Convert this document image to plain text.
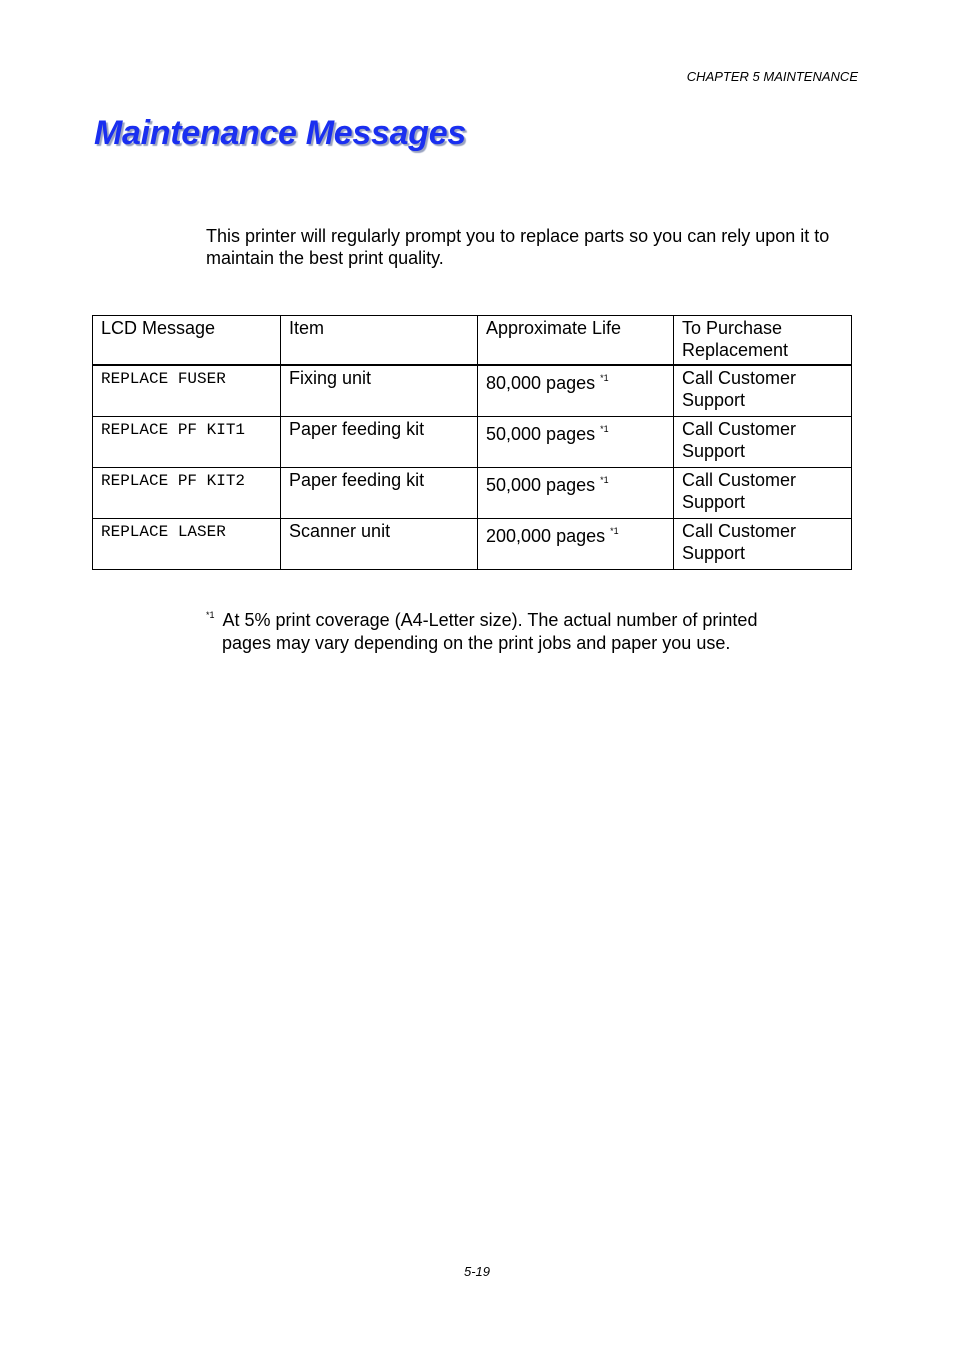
CHAPTER 5 MAINTENANCE
Maintenance Messages

This printer will regularly prompt you to replace parts so you can rely upon it to maintain the best print quality.

LCD Message	Item	Approximate Life	To Purchase Replacement
REPLACE FUSER	Fixing unit	80,000 pages $^{*1}$	Call Customer Support
REPLACE PF KIT1	Paper feeding kit	50,000 pages $^{*1}$	Call Customer Support
REPLACE PF KIT2	Paper feeding kit	50,000 pages $^{*1}$	Call Customer Support
REPLACE LASER	Scanner unit	200,000 pages $^{*1}$	Call Customer Support
$^{*1}$ At 5% print coverage (A4-Letter size). The actual number of printed
pages may vary depending on the print jobs and paper you use.
5-19
